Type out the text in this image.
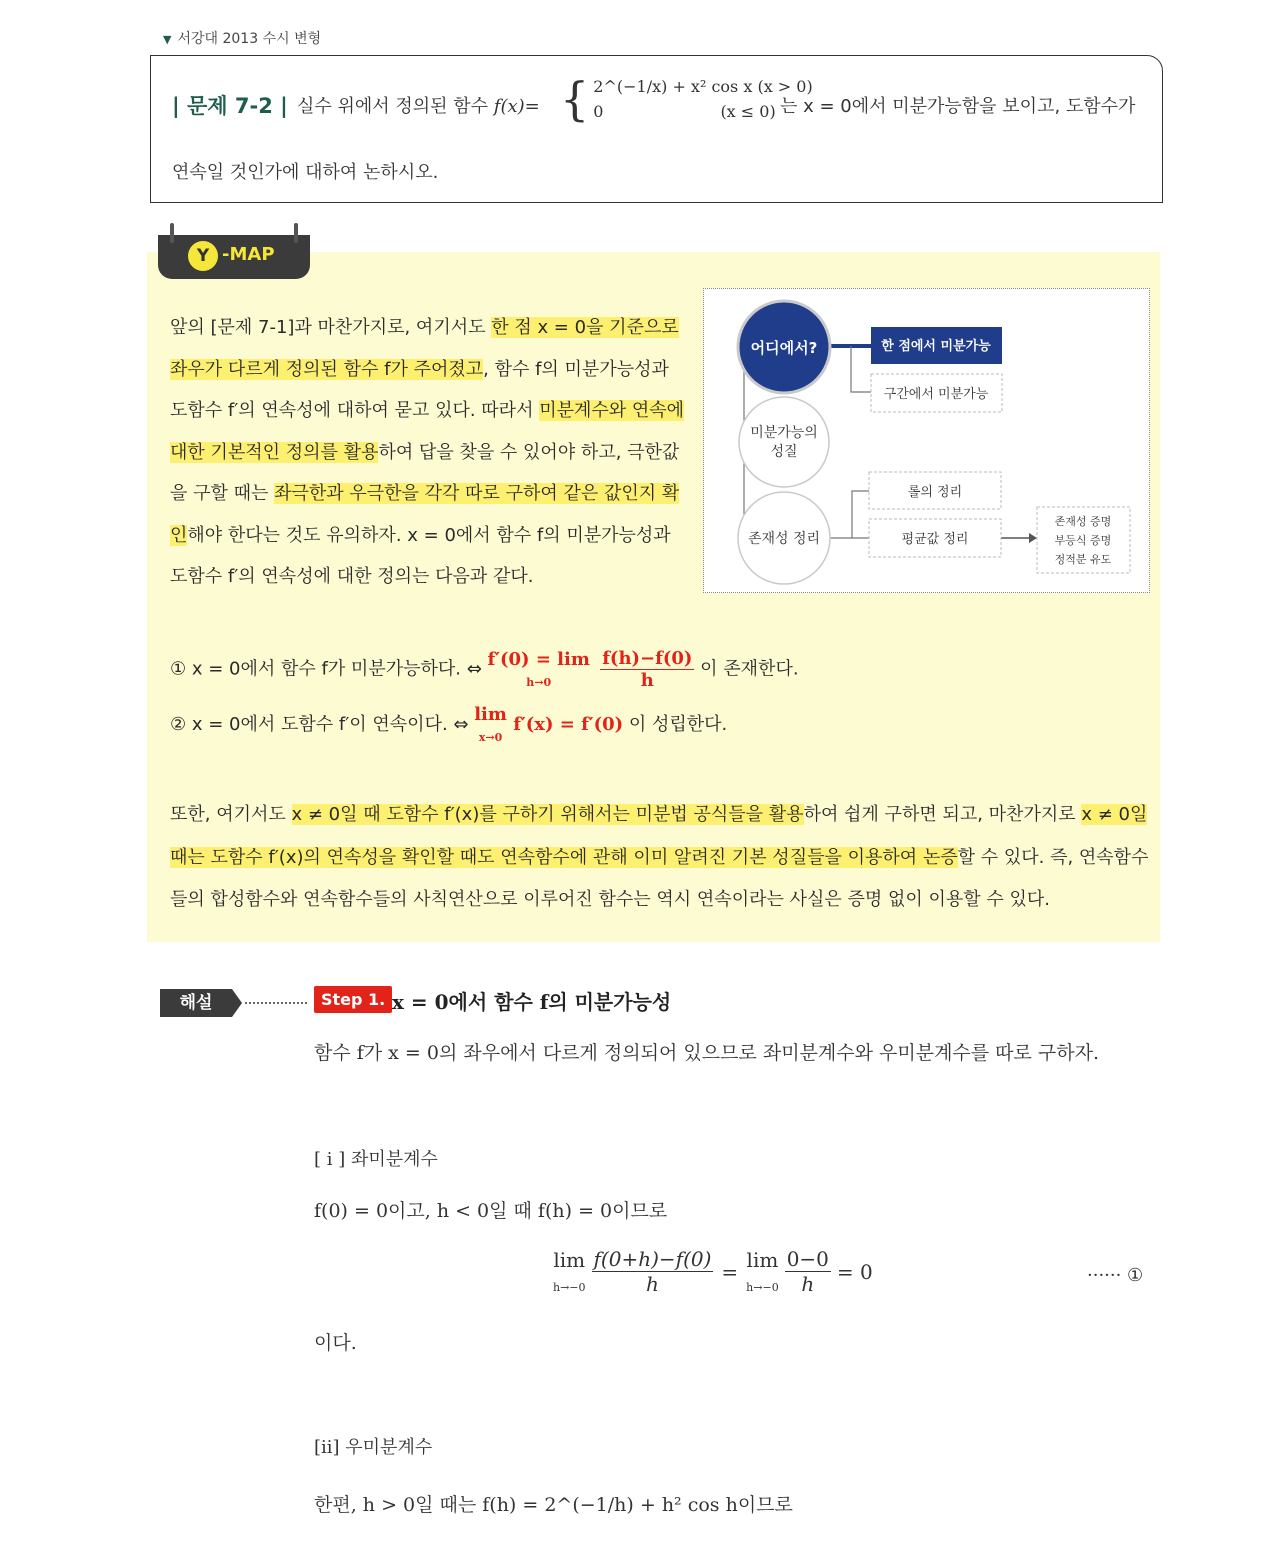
▼ 서강대 2013 수시 변형
| 문제 7-2 | 실수 위에서 정의된 함수 f(x)= { 2^(−1/x) + x² cos x (x > 0)
0                       (x ≤ 0) 는 x = 0에서 미분가능함을 보이고, 도함수가
연속일 것인가에 대하여 논하시오.
Y -MAP
앞의 [문제 7-1]과 마찬가지로, 여기서도 한 점 x = 0을 기준으로 좌우가 다르게 정의된 함수 f가 주어졌고, 함수 f의 미분가능성과 도함수 f′의 연속성에 대하여 묻고 있다. 따라서 미분계수와 연속에 대한 기본적인 정의를 활용하여 답을 찾을 수 있어야 하고, 극한값을 구할 때는 좌극한과 우극한을 각각 따로 구하여 같은 값인지 확인해야 한다는 것도 유의하자. x = 0에서 함수 f의 미분가능성과 도함수 f′의 연속성에 대한 정의는 다음과 같다.
어디에서?
미분가능의
성질
존재성 정리
한 점에서 미분가능
구간에서 미분가능
롤의 정리
평균값 정리
존재성 증명
부등식 증명
정적분 유도
① x = 0에서 함수 f가 미분가능하다. ⇔ f′(0) = lim
h→0	$\frac{f(h)-f(0)}{h}$ 이 존재한다.
② x = 0에서 도함수 f′이 연속이다. ⇔ lim
x→0 f′(x) = f′(0) 이 성립한다.
또한, 여기서도 x ≠ 0일 때 도함수 f′(x)를 구하기 위해서는 미분법 공식들을 활용하여 쉽게 구하면 되고, 마찬가지로 x ≠ 0일 때는 도함수 f′(x)의 연속성을 확인할 때도 연속함수에 관해 이미 알려진 기본 성질들을 이용하여 논증할 수 있다. 즉, 연속함수들의 합성함수와 연속함수들의 사칙연산으로 이루어진 함수는 역시 연속이라는 사실은 증명 없이 이용할 수 있다.
해설	Step 1. x = 0에서 함수 f의 미분가능성
함수 f가 x = 0의 좌우에서 다르게 정의되어 있으므로 좌미분계수와 우미분계수를 따로 구하자.
[ i ] 좌미분계수
f(0) = 0이고, h < 0일 때 f(h) = 0이므로
lim
$h\to-0 \frac{f(0+h)-f(0)}{h} = \lim$
$h\to-0 \frac{0-0}{h} = 0$	······ ①
이다.
[ii] 우미분계수
한편, h > 0일 때는 f(h) = 2^(−1/h) + h² cos h이므로
